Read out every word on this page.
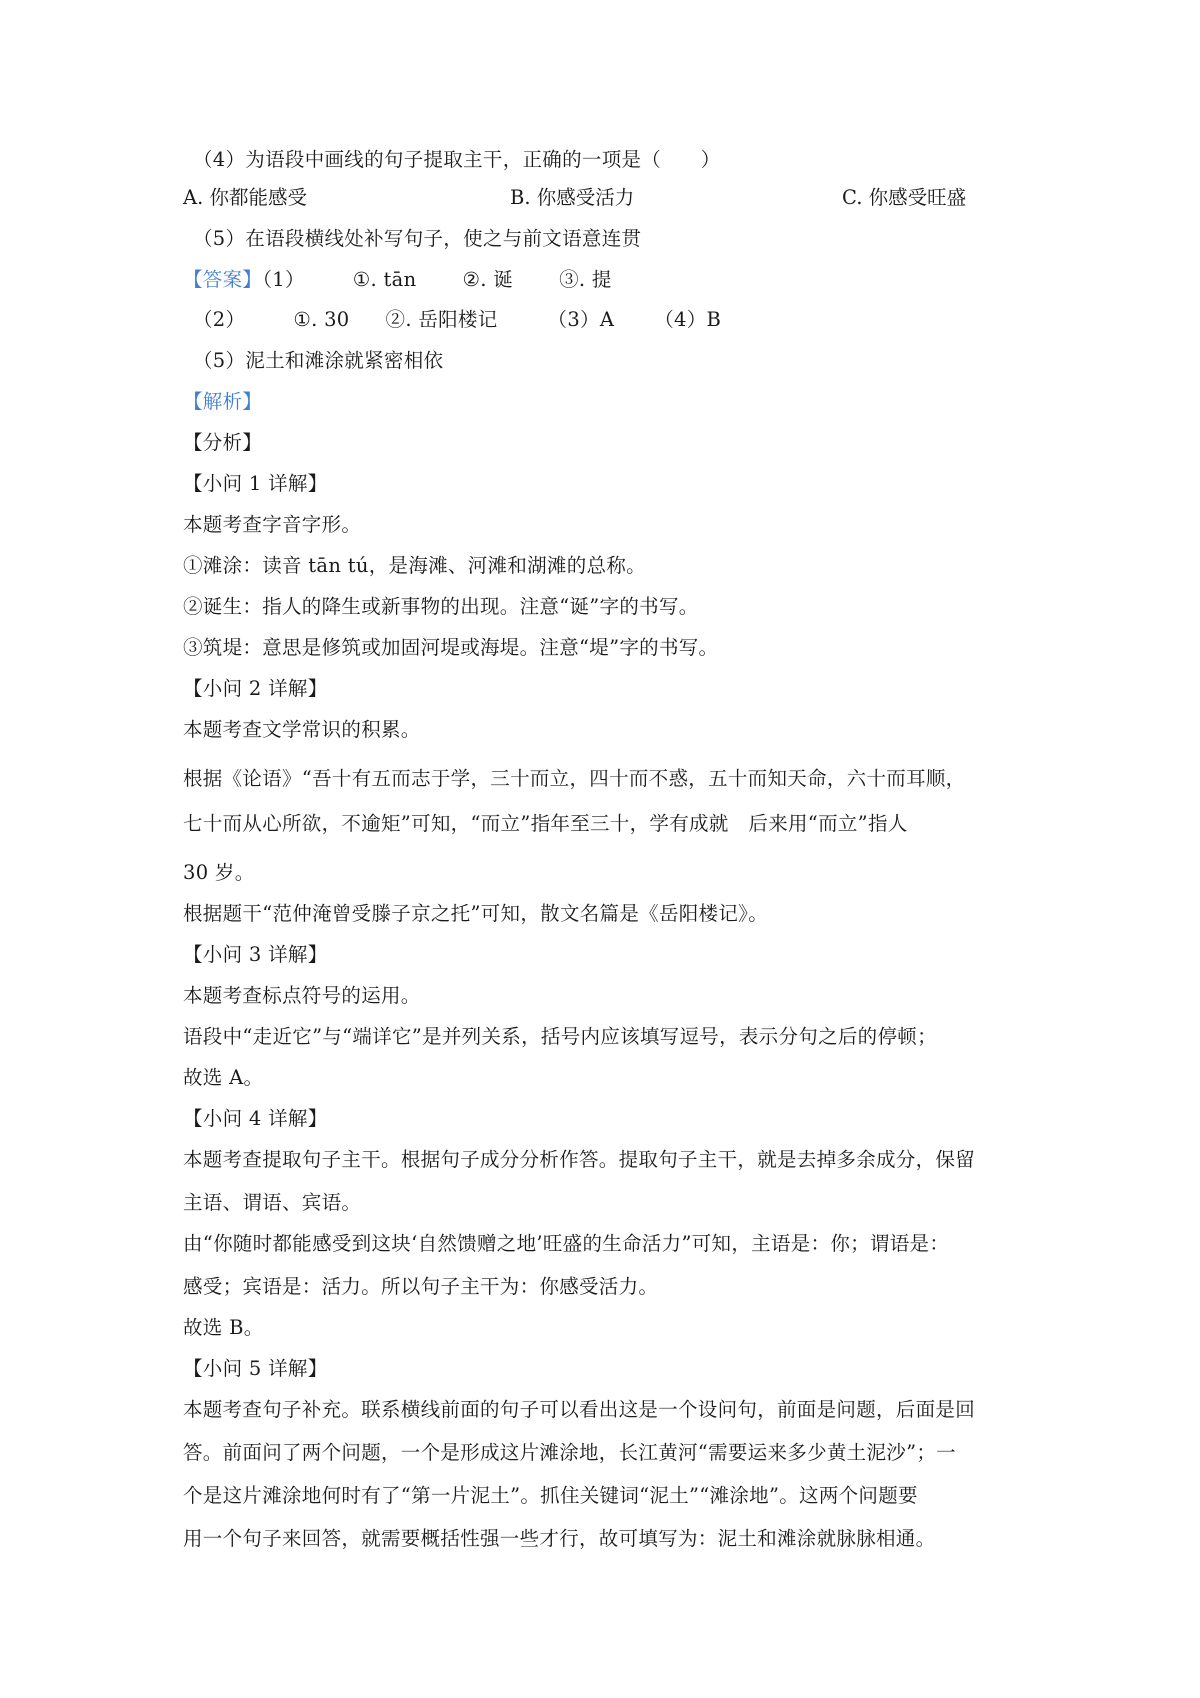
（4）为语段中画线的句子提取主干，正确的一项是（　　）
A. 你都能感受	B. 你感受活力	C. 你感受旺盛
（5）在语段横线处补写句子，使之与前文语意连贯
【答案】（1） ①. tān ②. 诞 ③. 提
（2） ①. 30 ②. 岳阳楼记	（3）A （4）B
（5）泥土和滩涂就紧密相依
【解析】
【分析】
【小问 1 详解】
本题考查字音字形。
①滩涂：读音 tān tú，是海滩、河滩和湖滩的总称。
②诞生：指人的降生或新事物的出现。注意“诞”字的书写。
③筑堤：意思是修筑或加固河堤或海堤。注意“堤”字的书写。
【小问 2 详解】
本题考查文学常识的积累。
根据《论语》“吾十有五而志于学，三十而立，四十而不惑，五十而知天命，六十而耳顺，
七十而从心所欲，不逾矩”可知，“而立”指年至三十，学有成就　后来用“而立”指人
30 岁。
根据题干“范仲淹曾受滕子京之托”可知，散文名篇是《岳阳楼记》。
【小问 3 详解】
本题考查标点符号的运用。
语段中“走近它”与“端详它”是并列关系，括号内应该填写逗号，表示分句之后的停顿；
故选 A。
【小问 4 详解】
本题考查提取句子主干。根据句子成分分析作答。提取句子主干，就是去掉多余成分，保留
主语、谓语、宾语。
由“你随时都能感受到这块‘自然馈赠之地’旺盛的生命活力”可知，主语是：你；谓语是：
感受；宾语是：活力。所以句子主干为：你感受活力。
故选 B。
【小问 5 详解】
本题考查句子补充。联系横线前面的句子可以看出这是一个设问句，前面是问题，后面是回
答。前面问了两个问题，一个是形成这片滩涂地，长江黄河“需要运来多少黄土泥沙”；一
个是这片滩涂地何时有了“第一片泥土”。抓住关键词“泥土”“滩涂地”。这两个问题要
用一个句子来回答，就需要概括性强一些才行，故可填写为：泥土和滩涂就脉脉相通。
